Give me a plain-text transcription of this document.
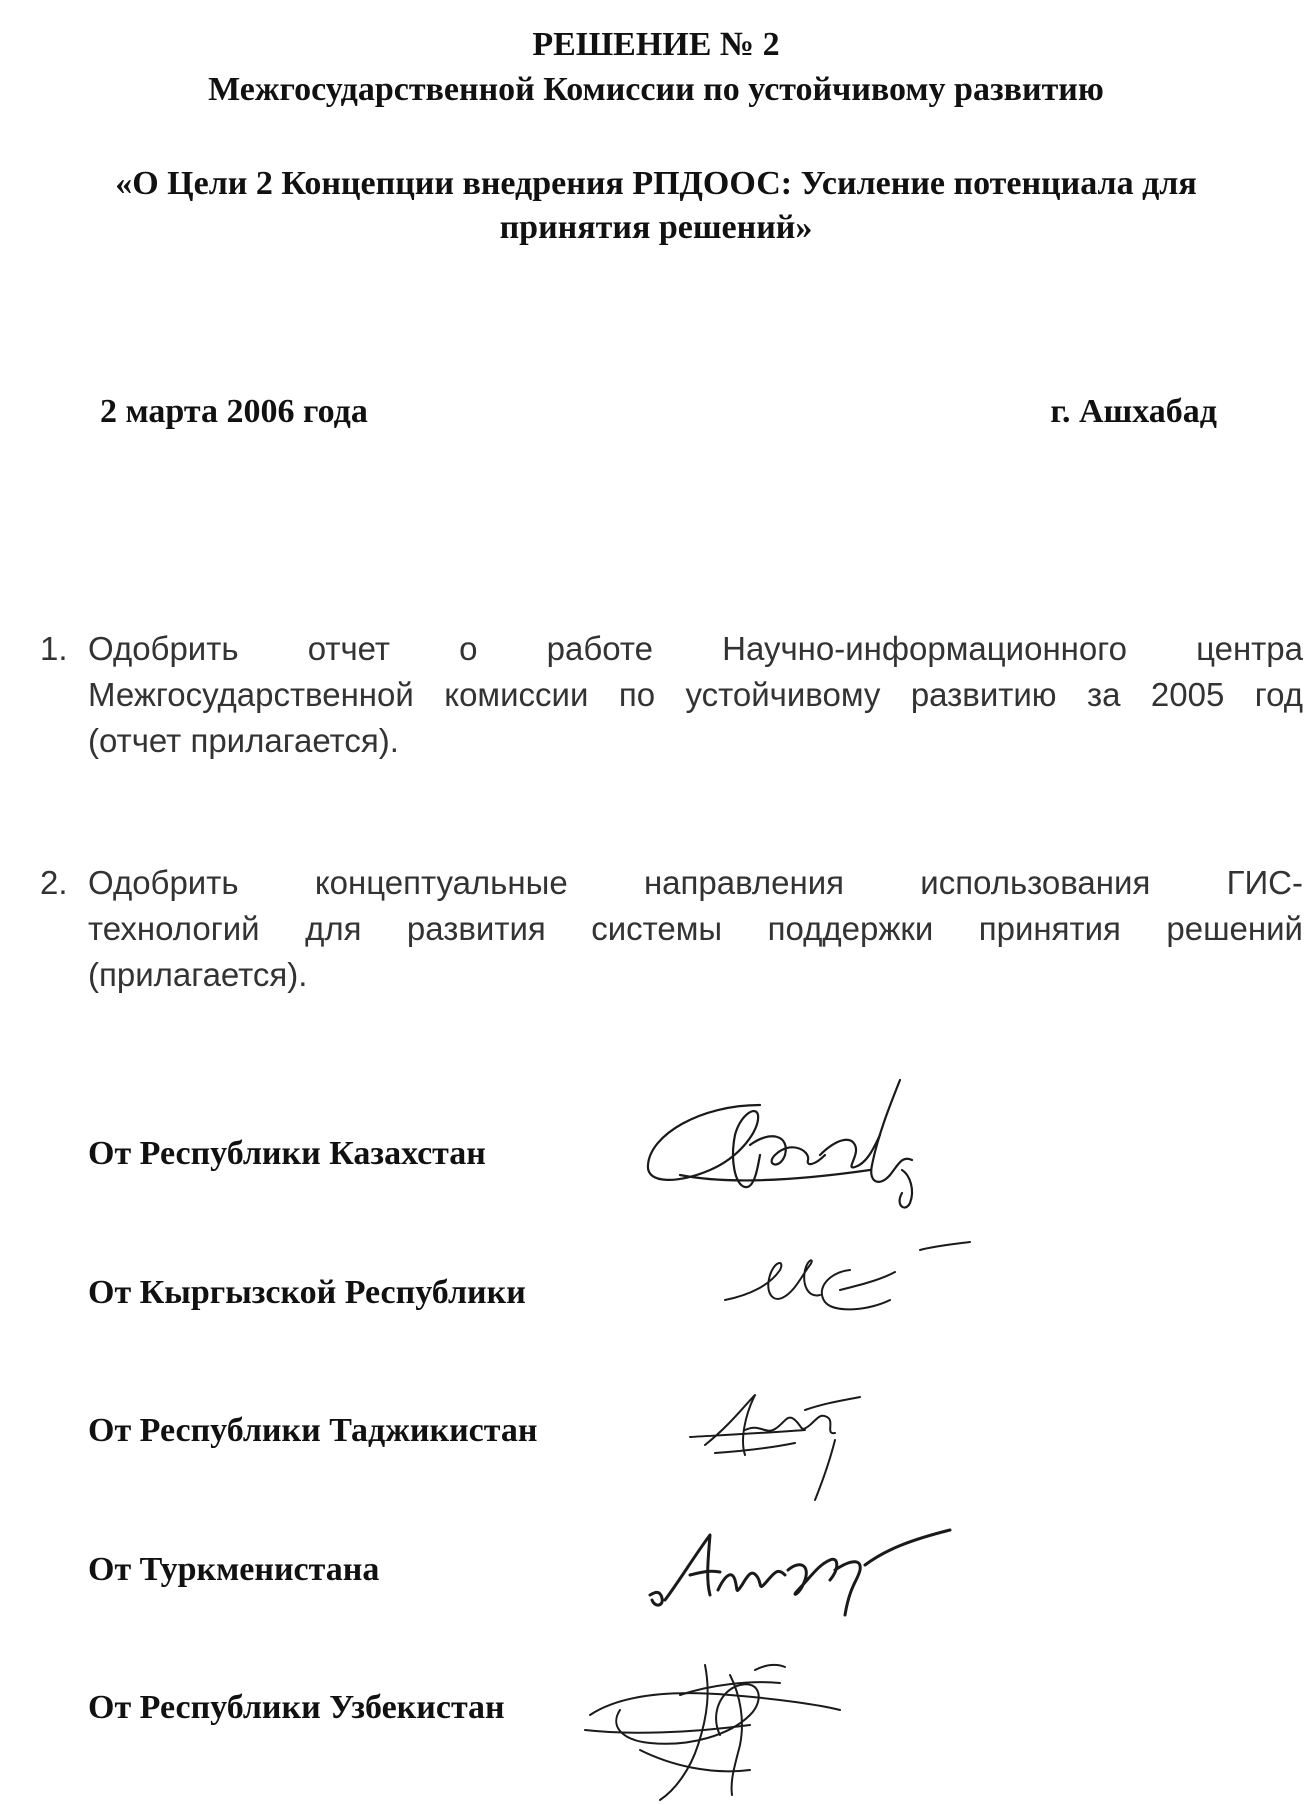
РЕШЕНИЕ № 2
Межгосударственной Комиссии по устойчивому развитию
«О Цели 2 Концепции внедрения РПДООС: Усиление потенциала для
принятия решений»
2 марта 2006 года	г. Ашхабад
1. Одобрить отчет о работе Научно-информационного центра
Межгосударственной комиссии по устойчивому развитию за 2005 год
(отчет прилагается).
2. Одобрить концептуальные направления использования ГИС-
технологий для развития системы поддержки принятия решений
(прилагается).
От Республики Казахстан
От Кыргызской Республики
От Республики Таджикистан
От Туркменистана
От Республики Узбекистан
